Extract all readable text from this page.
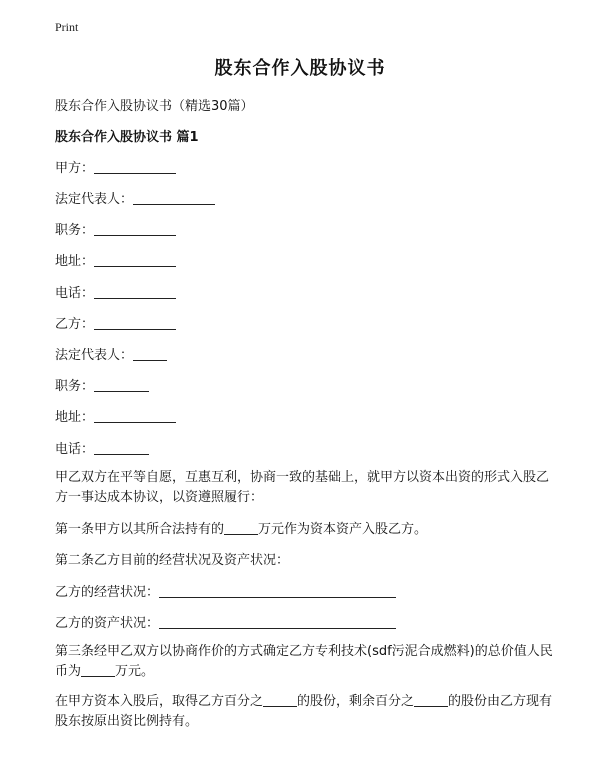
Print
股东合作入股协议书
股东合作入股协议书（精选30篇）
股东合作入股协议书 篇1
甲方：
法定代表人：
职务：
地址：
电话：
乙方：
法定代表人：
职务：
地址：
电话：
甲乙双方在平等自愿，互惠互利，协商一致的基础上，就甲方以资本出资的形式入股乙方一事达成本协议，以资遵照履行：
第一条甲方以其所合法持有的	万元作为资本资产入股乙方。
第二条乙方目前的经营状况及资产状况：
乙方的经营状况：
乙方的资产状况：
第三条经甲乙双方以协商作价的方式确定乙方专利技术(sdf污泥合成燃料)的总价值人民币为	万元。
在甲方资本入股后，取得乙方百分之	的股份，剩余百分之	的股份由乙方现有股东按原出资比例持有。
